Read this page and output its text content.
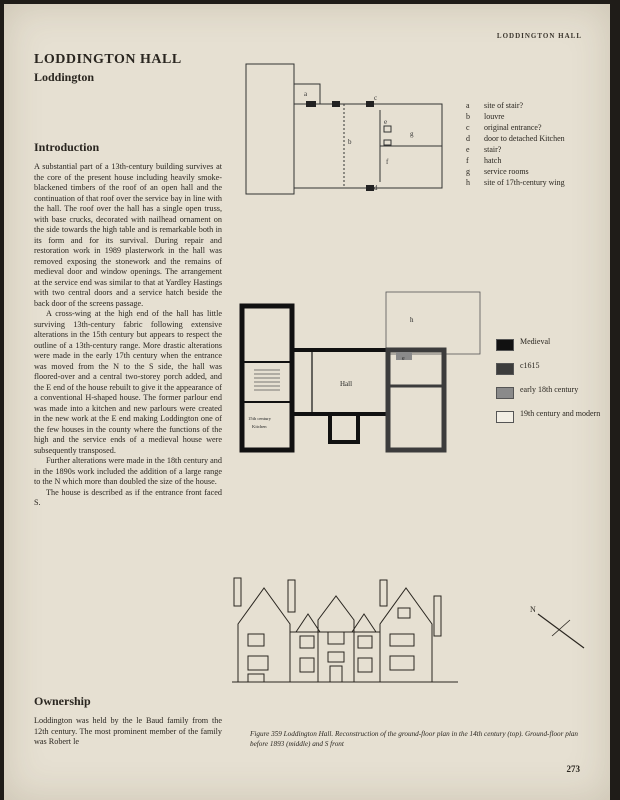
LODDINGTON HALL
LODDINGTON HALL
Loddington
Introduction

A substantial part of a 13th-century building survives at the core of the present house including heavily smoke-blackened timbers of the roof of an open hall and the continuation of that roof over the service bay in line with the hall. The roof over the hall has a single open truss, with base crucks, decorated with nailhead ornament on the side towards the high table and is remarkable both in its form and for its survival. During repair and restoration work in 1989 plasterwork in the hall was removed exposing the stonework and the remains of medieval door and window openings. The arrangement at the service end was similar to that at Yardley Hastings with two central doors and a service hatch beside the back door of the screens passage.

A cross-wing at the high end of the hall has little surviving 13th-century fabric following extensive alterations in the 15th century but appears to respect the outline of a 13th-century range. More drastic alterations were made in the early 17th century when the entrance was moved from the N to the S side, the hall was floored-over and a central two-storey porch added, and the E end of the house rebuilt to give it the appearance of a conventional H-shaped house. The former parlour end was made into a kitchen and new parlours were created in the new work at the E end making Loddington one of the few houses in the county where the functions of the high and the service ends of a medieval house were subsequently transposed.

Further alterations were made in the 18th century and in the 1890s work included the addition of a large range to the N which more than doubled the size of the house.

The house is described as if the entrance front faced S.

Ownership

Loddington was held by the le Baud family from the 12th century. The most prominent member of the family was Robert le

a
b
c
d
e
f
g
a site of stair?
b louvre
c original entrance?
d door to detached Kitchen
e stair?
f hatch
g service rooms
h site of 17th-century wing
Hall
h
e
15th century
Kitchen
Medieval
c1615
early 18th century
19th century and modern
N

Figure 359 Loddington Hall. Reconstruction of the ground-floor plan in the 14th century (top). Ground-floor plan before 1893 (middle) and S front

273
